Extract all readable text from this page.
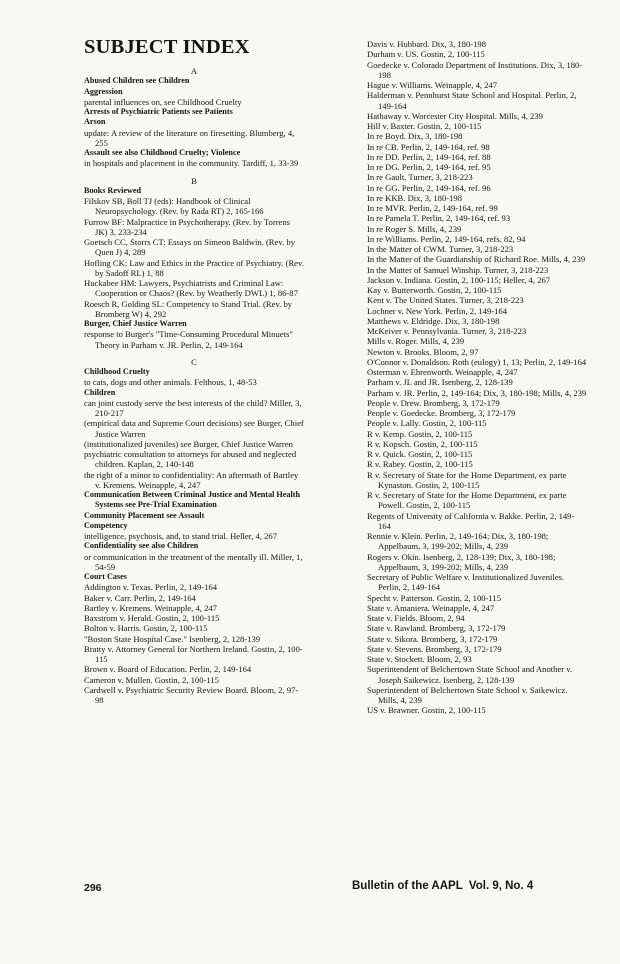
SUBJECT INDEX
A
Abused Children see Children
Aggression
parental influences on, see Childhood Cruelty
Arrests of Psychiatric Patients see Patients
Arson
update: A review of the literature on firesetting. Blumberg, 4, 255
Assault see also Childhood Cruelty; Violence
in hospitals and placement in the community. Tardiff, 1, 33-39
B
Books Reviewed
Filskov SB, Boll TJ (eds): Handbook of Clinical Neuropsychology. (Rev. by Rada RT) 2, 165-166
Furrow BF: Malpractice in Psychotherapy. (Rev. by Torrens JK) 3, 233-234
Goetsch CC, Storrs CT: Essays on Simeon Baldwin. (Rev. by Quen J) 4, 289
Hofling CK: Law and Ethics in the Practice of Psychiatry. (Rev. by Sadoff RL) 1, 88
Huckabee HM: Lawyers, Psychiatrists and Criminal Law: Cooperation or Chaos? (Rev. by Weatherly DWL) 1, 86-87
Roesch R, Golding SL: Competency to Stand Trial. (Rev. by Bromberg W) 4, 292
Burger, Chief Justice Warren
response to Burger's "Time-Consuming Procedural Minuets" Theory in Parham v. JR. Perlin, 2, 149-164
C
Childhood Cruelty
to cats, dogs and other animals. Felthous, 1, 48-53
Children
can joint custody serve the best interests of the child? Miller, 3, 210-217
(empirical data and Supreme Court decisions) see Burger, Chief Justice Warren
(institutionalized juveniles) see Burger, Chief Justice Warren
psychiatric consultation to attorneys for abused and neglected children. Kaplan, 2, 140-148
the right of a minor to confidentiality: An aftermath of Bartley v. Kremens. Weinapple, 4, 247
Communication Between Criminal Justice and Mental Health Systems see Pre-Trial Examination
Community Placement see Assault
Competency
intelligence, psychosis, and, to stand trial. Heller, 4, 267
Confidentiality see also Children
or communication in the treatment of the mentally ill. Miller, 1, 54-59
Court Cases
Addington v. Texas. Perlin, 2, 149-164
Baker v. Carr. Perlin, 2, 149-164
Bartley v. Kremens. Weinapple, 4, 247
Baxstrom v. Herald. Gostin, 2, 100-115
Bolton v. Harris. Gostin, 2, 100-115
"Boston State Hospital Case." Isenberg, 2, 128-139
Bratty v. Attorney General for Northern Ireland. Gostin, 2, 100-115
Brown v. Board of Education. Perlin, 2, 149-164
Cameron v. Mullen. Gostin, 2, 100-115
Cardwell v. Psychiatric Security Review Board. Bloom, 2, 97-98
Davis v. Hubbard. Dix, 3, 180-198
Durham v. US. Gostin, 2, 100-115
Goedecke v. Colorado Department of Institutions. Dix, 3, 180-198
Hague v. Williams. Weinapple, 4, 247
Halderman v. Pennhurst State School and Hospital. Perlin, 2, 149-164
Hathaway v. Worcester City Hospital. Mills, 4, 239
Hill v. Baxter. Gostin, 2, 100-115
In re Boyd. Dix, 3, 180-198
In re CB. Perlin, 2, 149-164, ref. 98
In re DD. Perlin, 2, 149-164, ref. 88
In re DG. Perlin, 2, 149-164, ref. 95
In re Gault. Turner, 3, 218-223
In re GG. Perlin, 2, 149-164, ref. 96
In re KKB. Dix, 3, 180-198
In re MVR. Perlin, 2, 149-164, ref. 99
In re Pamela T. Perlin, 2, 149-164, ref. 93
In re Roger S. Mills, 4, 239
In re Williams. Perlin, 2, 149-164, refs. 82, 94
In the Matter of CWM. Turner, 3, 218-223
In the Matter of the Guardianship of Richard Roe. Mills, 4, 239
In the Matter of Samuel Winship. Turner, 3, 218-223
Jackson v. Indiana. Gostin, 2, 100-115; Heller, 4, 267
Kay v. Butterworth. Gostin, 2, 100-115
Kent v. The United States. Turner, 3, 218-223
Lochner v. New York. Perlin, 2, 149-164
Matthews v. Eldridge. Dix, 3, 180-198
McKeiver v. Pennsylvania. Turner, 3, 218-223
Mills v. Roger. Mills, 4, 239
Newton v. Brooks. Bloom, 2, 97
O'Connor v. Donaldson. Roth (eulogy) 1, 13; Perlin, 2, 149-164
Osterman v. Ehrenworth. Weinapple, 4, 247
Parham v. JL and JR. Isenberg, 2, 128-139
Parham v. JR. Perlin, 2, 149-164; Dix, 3, 180-198; Mills, 4, 239
People v. Drew. Bromberg, 3, 172-179
People v. Goedecke. Bromberg, 3, 172-179
People v. Lally. Gostin, 2, 100-115
R v. Kemp. Gostin, 2, 100-115
R v. Kopsch. Gostin, 2, 100-115
R v. Quick. Gostin, 2, 100-115
R v. Rabey. Gostin, 2, 100-115
R v. Secretary of State for the Home Department, ex parte Kynaston. Gostin, 2, 100-115
R v. Secretary of State for the Home Department, ex parte Powell. Gostin, 2, 100-115
Regents of University of California v. Bakke. Perlin, 2, 149-164
Rennie v. Klein. Perlin, 2, 149-164; Dix, 3, 180-198; Appelbaum, 3, 199-202; Mills, 4, 239
Rogers v. Okin. Isenberg, 2, 128-139; Dix, 3, 180-198; Appelbaum, 3, 199-202; Mills, 4, 239
Secretary of Public Welfare v. Institutionalized Juveniles. Perlin, 2, 149-164
Specht v. Patterson. Gostin, 2, 100-115
State v. Amaniera. Weinapple, 4, 247
State v. Fields. Bloom, 2, 94
State v. Rawland. Bromberg, 3, 172-179
State v. Sikora. Bromberg, 3, 172-179
State v. Stevens. Bromberg, 3, 172-179
State v. Stockett. Bloom, 2, 93
Superintendent of Belchertown State School and Another v. Joseph Saikewicz. Isenberg, 2, 128-139
Superintendent of Belchertown State School v. Saikewicz. Mills, 4, 239
US v. Brawner. Gostin, 2, 100-115
296	Bulletin of the AAPL  Vol. 9, No. 4
